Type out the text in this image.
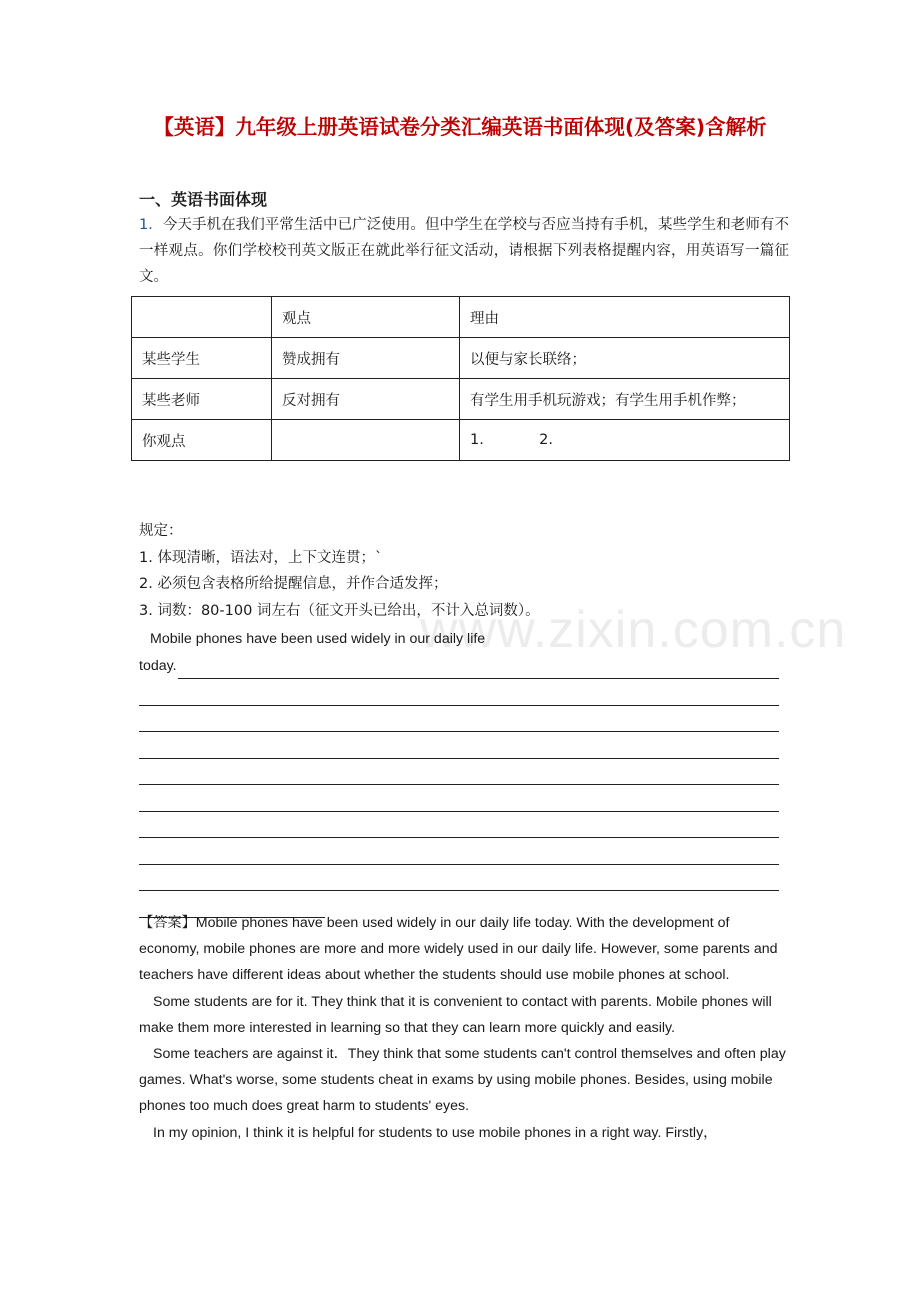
【英语】九年级上册英语试卷分类汇编英语书面体现(及答案)含解析
一、英语书面体现

1．今天手机在我们平常生活中已广泛使用。但中学生在学校与否应当持有手机，某些学生和老师有不一样观点。你们学校校刊英文版正在就此举行征文活动，请根据下列表格提醒内容，用英语写一篇征文。

	观点	理由
某些学生	赞成拥有	以便与家长联络；
某些老师	反对拥有	有学生用手机玩游戏；有学生用手机作弊；
你观点		1.            2.
规定：
1. 体现清晰，语法对，上下文连贯；`
2. 必须包含表格所给提醒信息，并作合适发挥；
3. 词数：80-100 词左右（征文开头已给出，不计入总词数）。
www.zixin.com.cn
Mobile phones have been used widely in our daily life
today.

【答案】Mobile phones have been used widely in our daily life today. With the development of economy, mobile phones are more and more widely used in our daily life. However, some parents and teachers have different ideas about whether the students should use mobile phones at school.

Some students are for it. They think that it is convenient to contact with parents. Mobile phones will make them more interested in learning so that they can learn more quickly and easily.

Some teachers are against it．They think that some students can't control themselves and often play games. What's worse, some students cheat in exams by using mobile phones. Besides, using mobile phones too much does great harm to students' eyes.

In my opinion, I think it is helpful for students to use mobile phones in a right way. Firstly，
